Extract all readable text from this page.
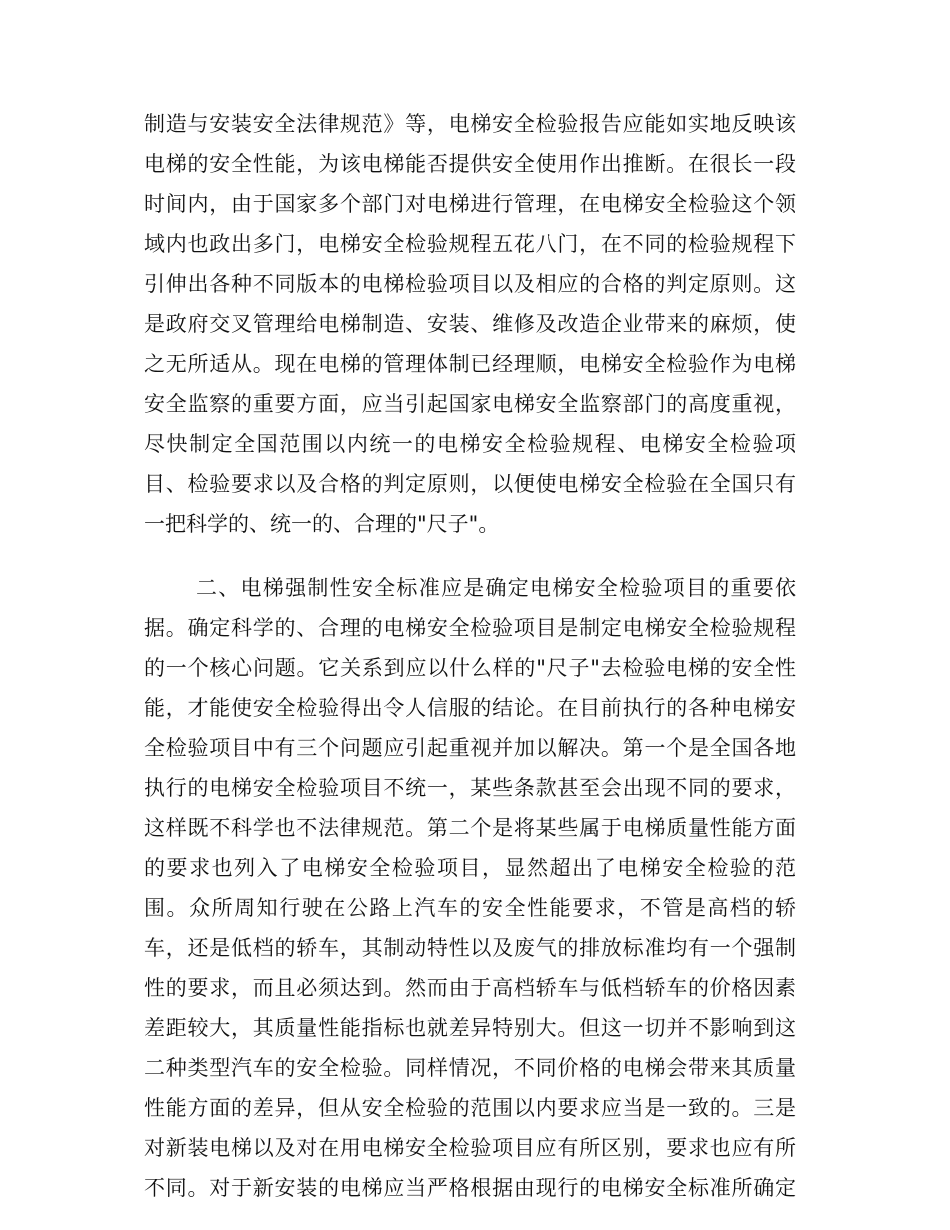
制造与安装安全法律规范》等，电梯安全检验报告应能如实地反映该
电梯的安全性能，为该电梯能否提供安全使用作出推断。在很长一段
时间内，由于国家多个部门对电梯进行管理，在电梯安全检验这个领
域内也政出多门，电梯安全检验规程五花八门，在不同的检验规程下
引伸出各种不同版本的电梯检验项目以及相应的合格的判定原则。这
是政府交叉管理给电梯制造、安装、维修及改造企业带来的麻烦，使
之无所适从。现在电梯的管理体制已经理顺，电梯安全检验作为电梯
安全监察的重要方面，应当引起国家电梯安全监察部门的高度重视，
尽快制定全国范围以内统一的电梯安全检验规程、电梯安全检验项
目、检验要求以及合格的判定原则，以便使电梯安全检验在全国只有
一把科学的、统一的、合理的"尺子"。
二、电梯强制性安全标准应是确定电梯安全检验项目的重要依
据。确定科学的、合理的电梯安全检验项目是制定电梯安全检验规程
的一个核心问题。它关系到应以什么样的"尺子"去检验电梯的安全性
能，才能使安全检验得出令人信服的结论。在目前执行的各种电梯安
全检验项目中有三个问题应引起重视并加以解决。第一个是全国各地
执行的电梯安全检验项目不统一，某些条款甚至会出现不同的要求，
这样既不科学也不法律规范。第二个是将某些属于电梯质量性能方面
的要求也列入了电梯安全检验项目，显然超出了电梯安全检验的范
围。众所周知行驶在公路上汽车的安全性能要求，不管是高档的轿
车，还是低档的轿车，其制动特性以及废气的排放标准均有一个强制
性的要求，而且必须达到。然而由于高档轿车与低档轿车的价格因素
差距较大，其质量性能指标也就差异特别大。但这一切并不影响到这
二种类型汽车的安全检验。同样情况，不同价格的电梯会带来其质量
性能方面的差异，但从安全检验的范围以内要求应当是一致的。三是
对新装电梯以及对在用电梯安全检验项目应有所区别，要求也应有所
不同。对于新安装的电梯应当严格根据由现行的电梯安全标准所确定
